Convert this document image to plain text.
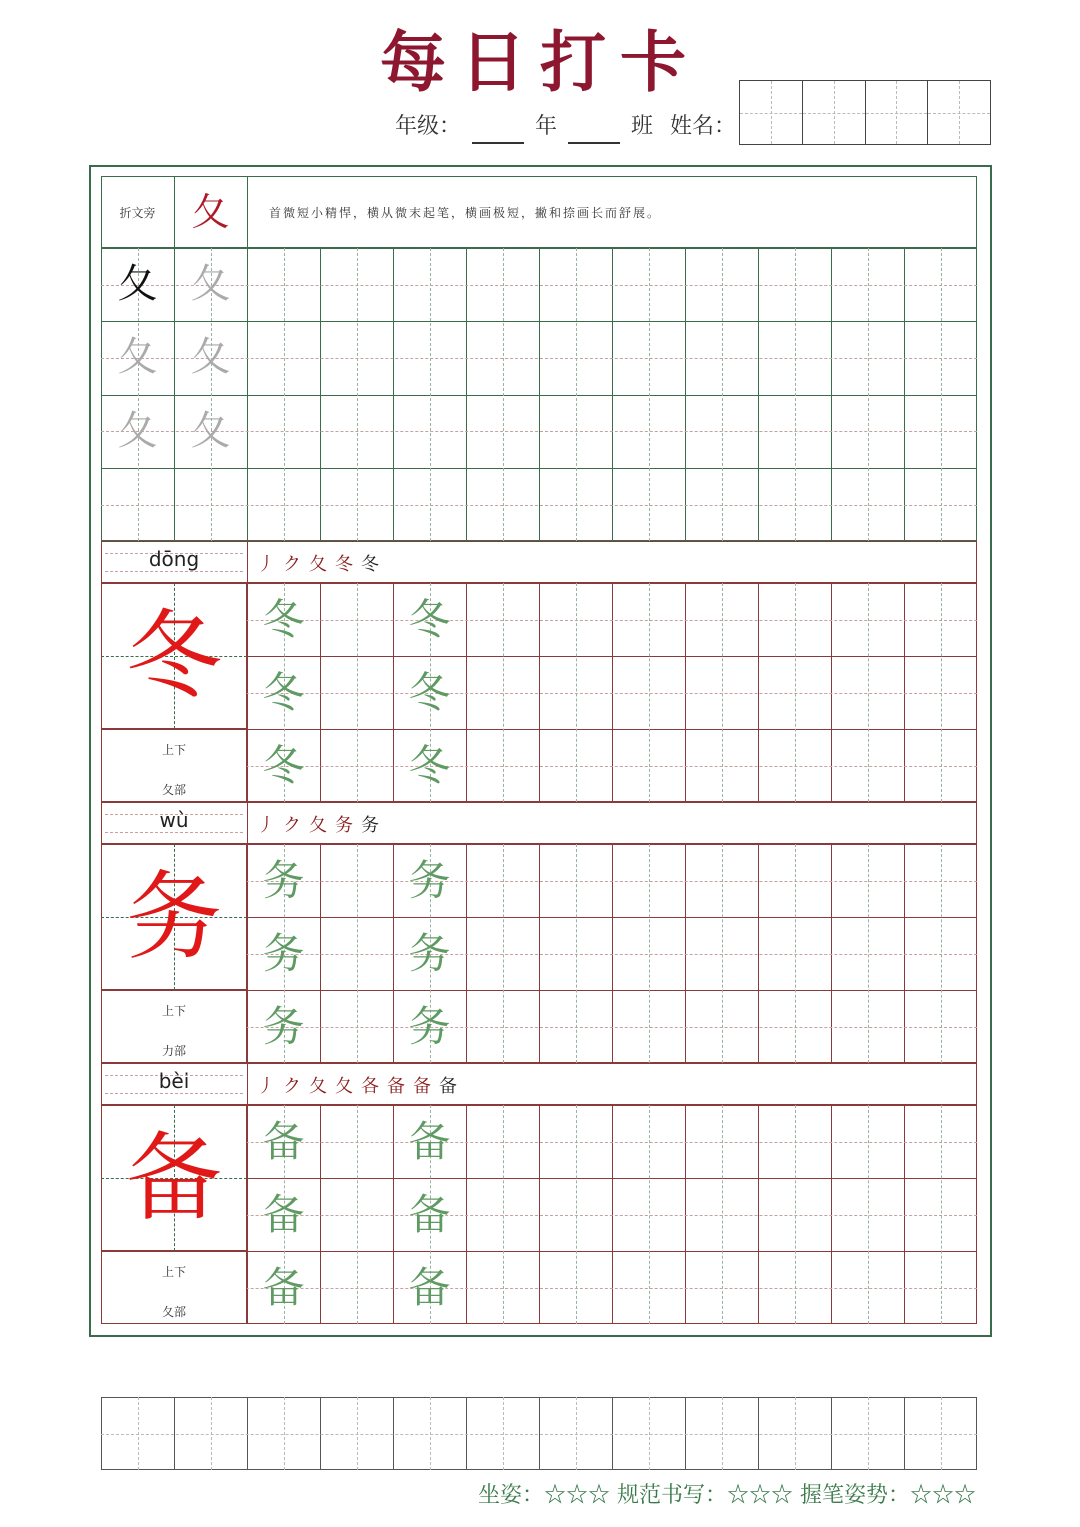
每日打卡
年级：	年	班 姓名：
折文旁 夂	首微短小精悍，横从微末起笔，横画极短，撇和捺画长而舒展。
夂 夂
夂 夂
夂 夂
dōng	丿 ク 夂 冬 冬
冬
上下
夂部
冬	冬
冬	冬
冬	冬
wù	丿 ク 夂 务 务
务
上下
力部
务	务
务	务
务	务
bèi	丿 ク 夂 夂 各 备 备 备
备
上下
夂部
备	备
备	备
备	备
坐姿：☆☆☆ 规范书写：☆☆☆ 握笔姿势：☆☆☆
